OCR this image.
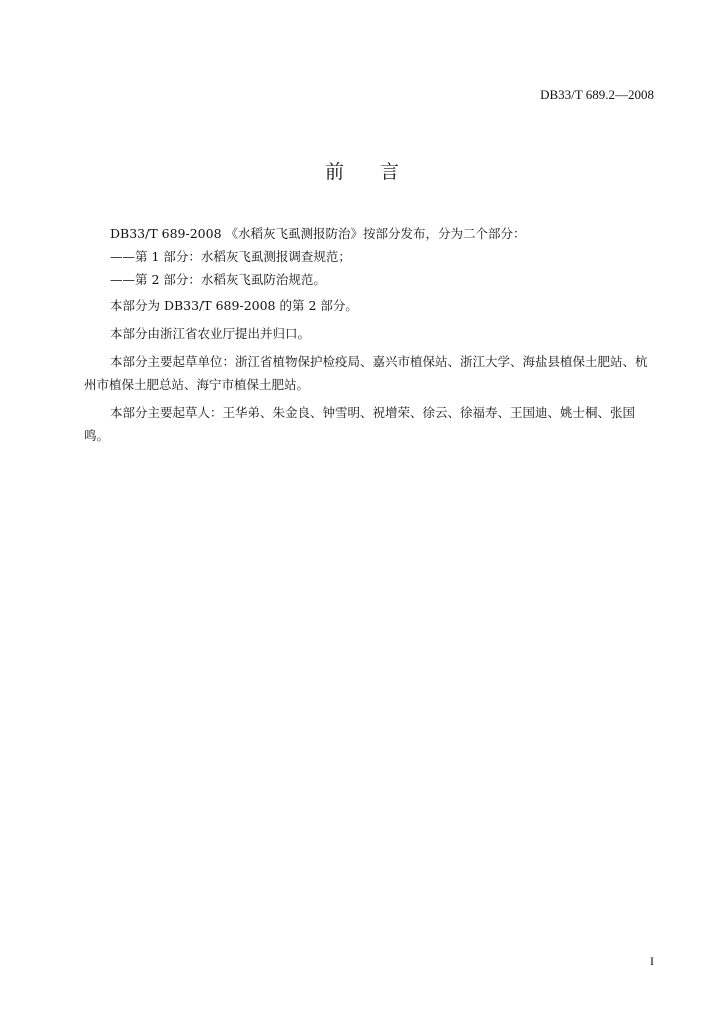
DB33/T 689.2—2008
前 言

DB33/T 689-2008 《水稻灰飞虱测报防治》按部分发布，分为二个部分：

——第 1 部分：水稻灰飞虱测报调查规范；

——第 2 部分：水稻灰飞虱防治规范。

本部分为 DB33/T 689-2008 的第 2 部分。

本部分由浙江省农业厅提出并归口。

本部分主要起草单位：浙江省植物保护检疫局、嘉兴市植保站、浙江大学、海盐县植保土肥站、杭州市植保土肥总站、海宁市植保土肥站。

本部分主要起草人：王华弟、朱金良、钟雪明、祝增荣、徐云、徐福寿、王国迪、姚士桐、张国鸣。

I
